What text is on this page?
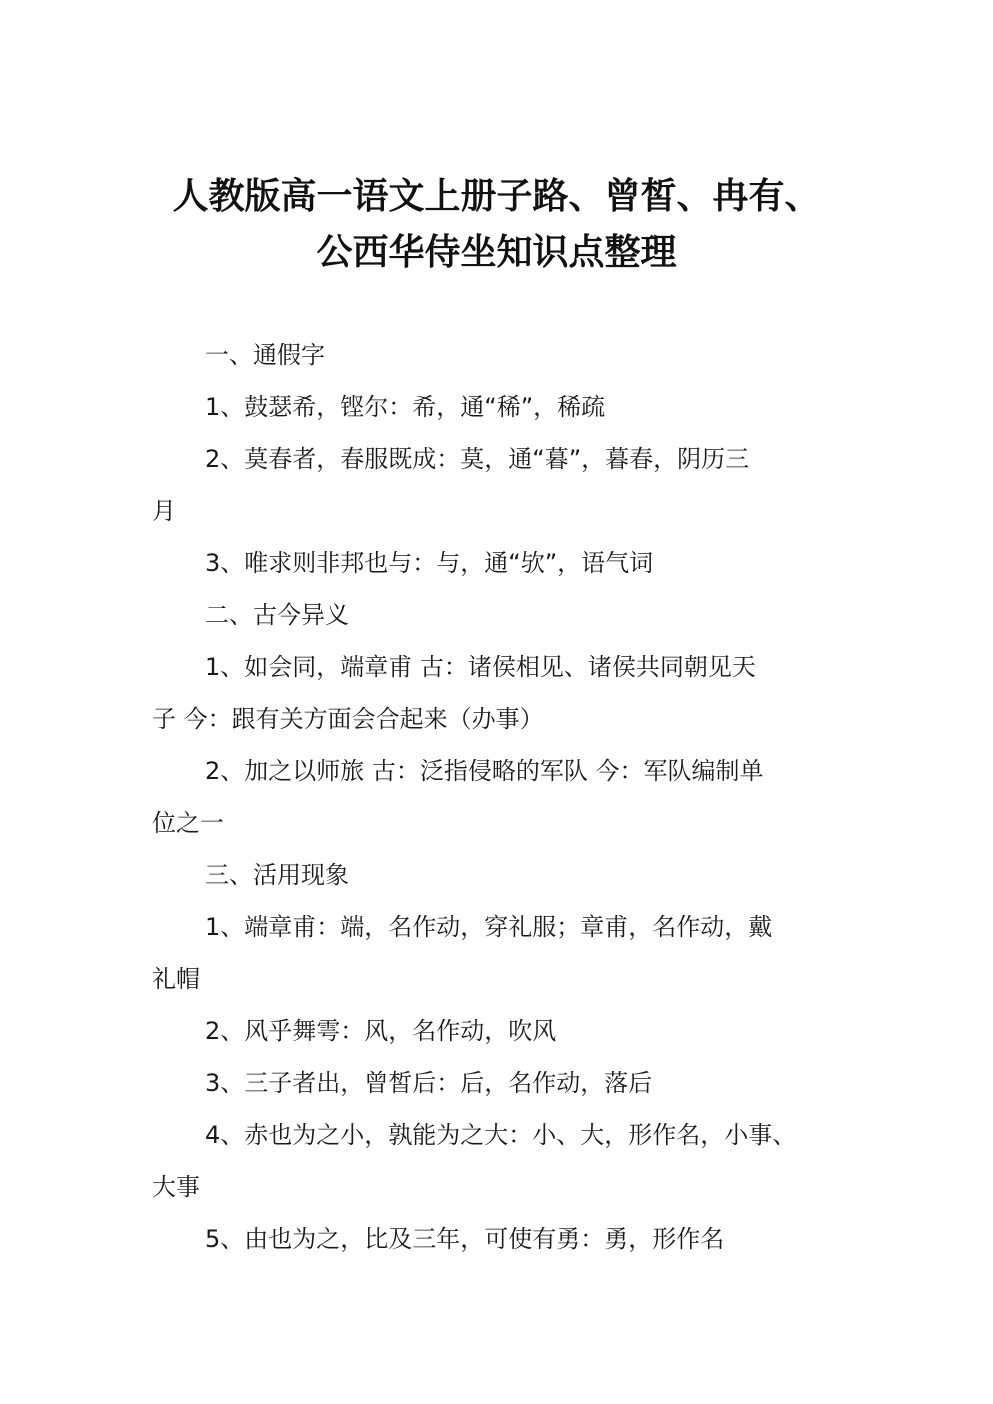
人教版高一语文上册子路、曾皙、冉有、
公西华侍坐知识点整理
一、通假字
1、鼓瑟希，铿尔：希，通“稀”，稀疏
2、莫春者，春服既成：莫，通“暮”，暮春，阴历三
月
3、唯求则非邦也与：与，通“欤”，语气词
二、古今异义
1、如会同，端章甫 古：诸侯相见、诸侯共同朝见天
子 今：跟有关方面会合起来（办事）
2、加之以师旅 古：泛指侵略的军队 今：军队编制单
位之一
三、活用现象
1、端章甫：端，名作动，穿礼服；章甫，名作动，戴
礼帽
2、风乎舞雩：风，名作动，吹风
3、三子者出，曾皙后：后，名作动，落后
4、赤也为之小，孰能为之大：小、大，形作名，小事、
大事
5、由也为之，比及三年，可使有勇：勇，形作名
